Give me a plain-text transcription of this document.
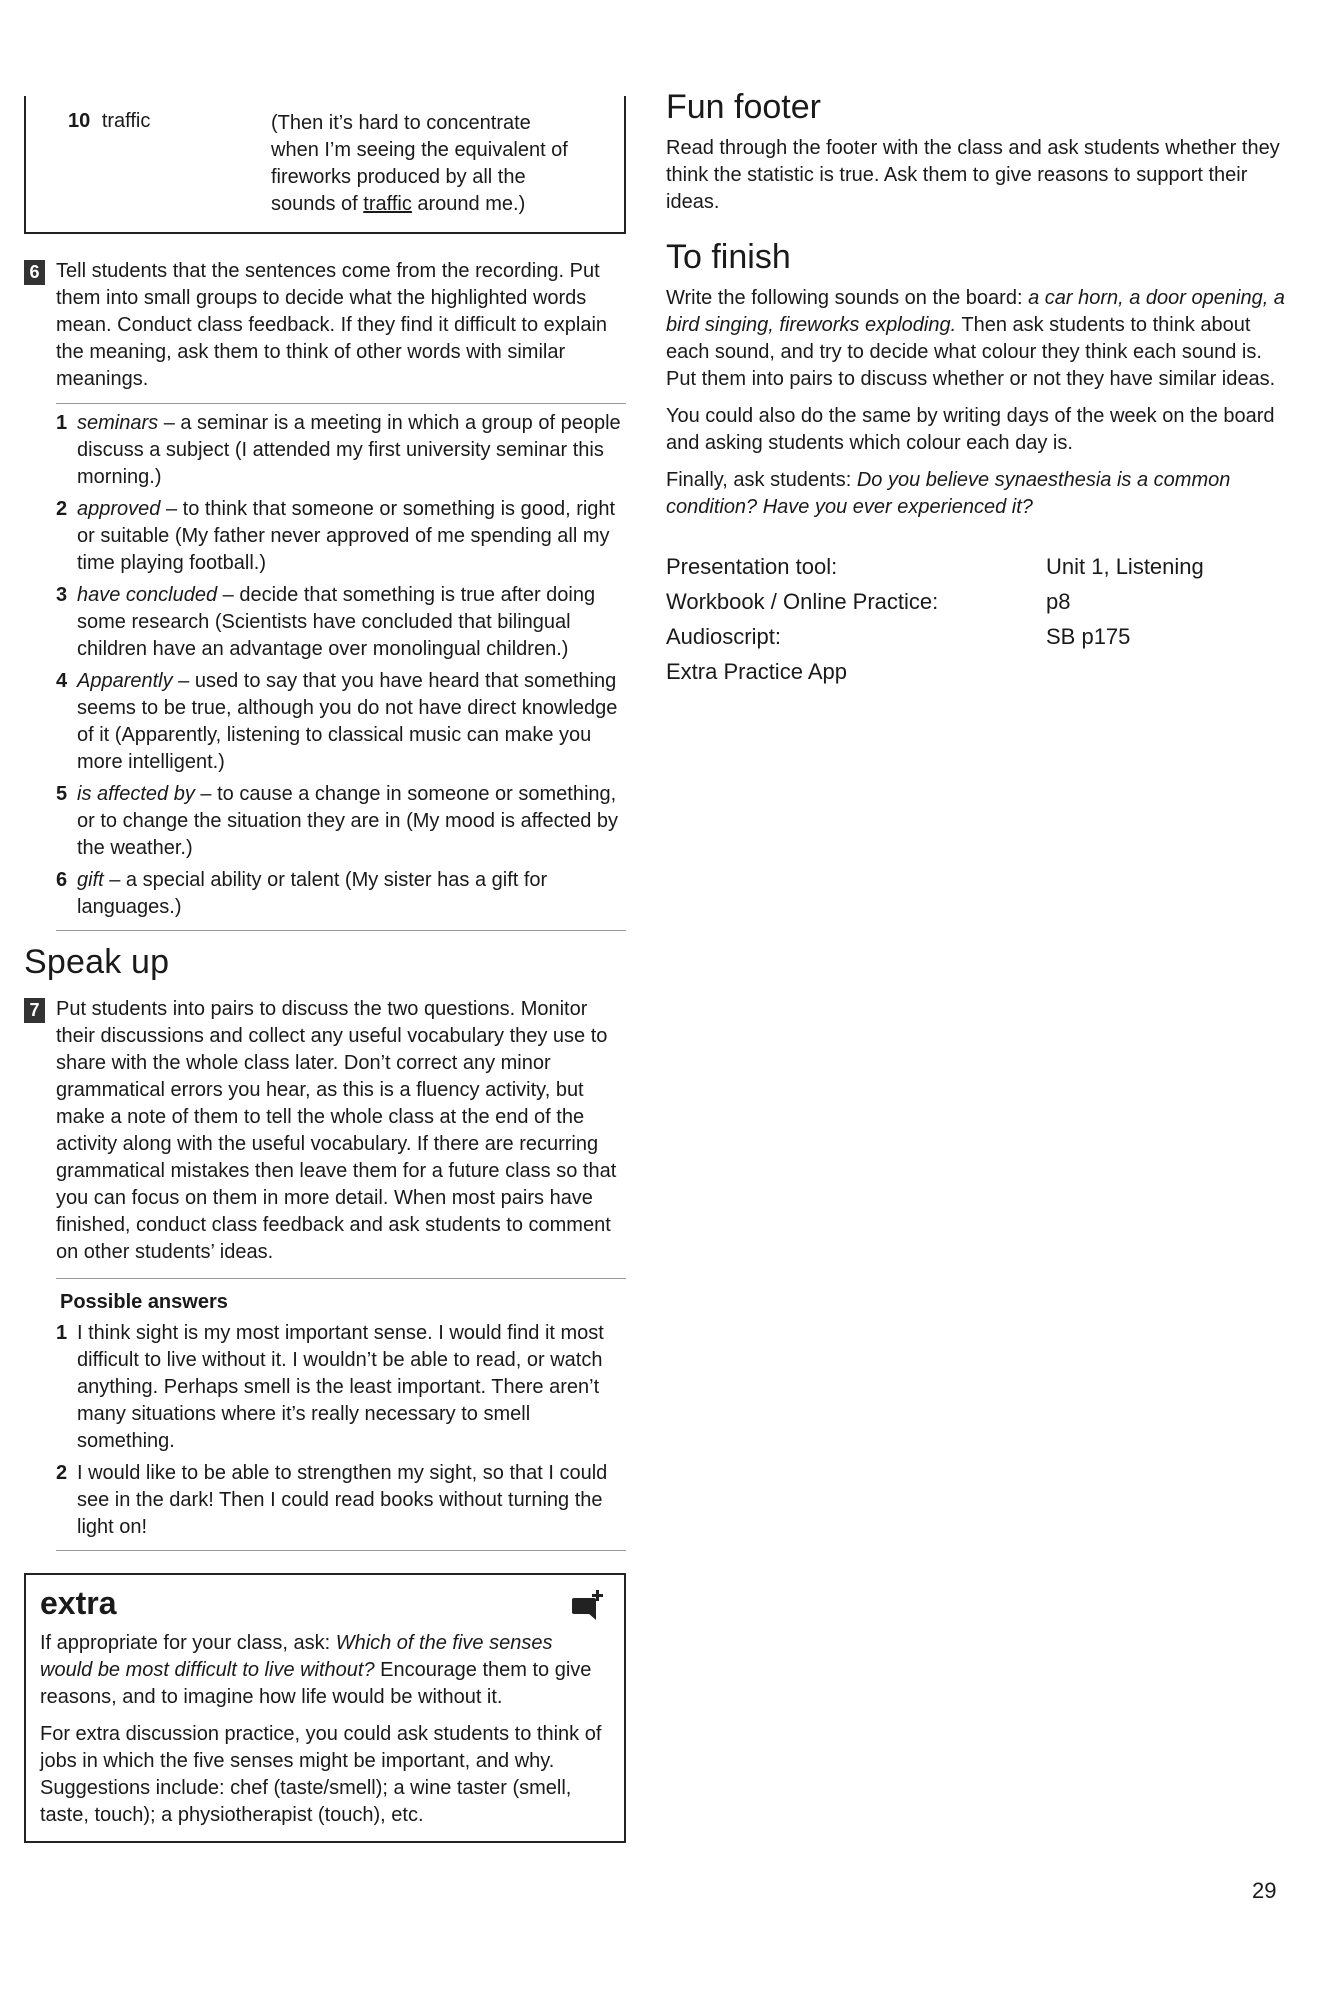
10 traffic	(Then it’s hard to concentrate when I’m seeing the equivalent of fireworks produced by all the sounds of traffic around me.)
6 Tell students that the sentences come from the recording. Put them into small groups to decide what the highlighted words mean. Conduct class feedback. If they find it difficult to explain the meaning, ask them to think of other words with similar meanings.
1 seminars – a seminar is a meeting in which a group of people discuss a subject (I attended my first university seminar this morning.)
2 approved – to think that someone or something is good, right or suitable (My father never approved of me spending all my time playing football.)
3 have concluded – decide that something is true after doing some research (Scientists have concluded that bilingual children have an advantage over monolingual children.)
4 Apparently – used to say that you have heard that something seems to be true, although you do not have direct knowledge of it (Apparently, listening to classical music can make you more intelligent.)
5 is affected by – to cause a change in someone or something, or to change the situation they are in (My mood is affected by the weather.)
6 gift – a special ability or talent (My sister has a gift for languages.)
Speak up
7 Put students into pairs to discuss the two questions. Monitor their discussions and collect any useful vocabulary they use to share with the whole class later. Don’t correct any minor grammatical errors you hear, as this is a fluency activity, but make a note of them to tell the whole class at the end of the activity along with the useful vocabulary. If there are recurring grammatical mistakes then leave them for a future class so that you can focus on them in more detail. When most pairs have finished, conduct class feedback and ask students to comment on other students’ ideas.
Possible answers
1 I think sight is my most important sense. I would find it most difficult to live without it. I wouldn’t be able to read, or watch anything. Perhaps smell is the least important. There aren’t many situations where it’s really necessary to smell something.
2 I would like to be able to strengthen my sight, so that I could see in the dark! Then I could read books without turning the light on!
extra

If appropriate for your class, ask: Which of the five senses would be most difficult to live without? Encourage them to give reasons, and to imagine how life would be without it.

For extra discussion practice, you could ask students to think of jobs in which the five senses might be important, and why. Suggestions include: chef (taste/smell); a wine taster (smell, taste, touch); a physiotherapist (touch), etc.

Fun footer

Read through the footer with the class and ask students whether they think the statistic is true. Ask them to give reasons to support their ideas.

To finish

Write the following sounds on the board: a car horn, a door opening, a bird singing, fireworks exploding. Then ask students to think about each sound, and try to decide what colour they think each sound is. Put them into pairs to discuss whether or not they have similar ideas.

You could also do the same by writing days of the week on the board and asking students which colour each day is.

Finally, ask students: Do you believe synaesthesia is a common condition? Have you ever experienced it?

Presentation tool:	Unit 1, Listening
Workbook / Online Practice:	p8
Audioscript:	SB p175
Extra Practice App
29
